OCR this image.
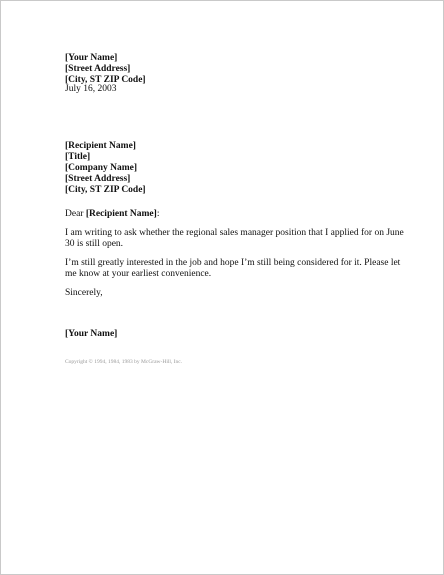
[Your Name]
[Street Address]
[City, ST ZIP Code]
July 16, 2003
[Recipient Name]
[Title]
[Company Name]
[Street Address]
[City, ST ZIP Code]
Dear [Recipient Name]:

I am writing to ask whether the regional sales manager position that I applied for on June
30 is still open.

I’m still greatly interested in the job and hope I’m still being considered for it. Please let
me know at your earliest convenience.

Sincerely,
[Your Name]
Copyright © 1994, 1984, 1983 by McGraw-Hill, Inc.
